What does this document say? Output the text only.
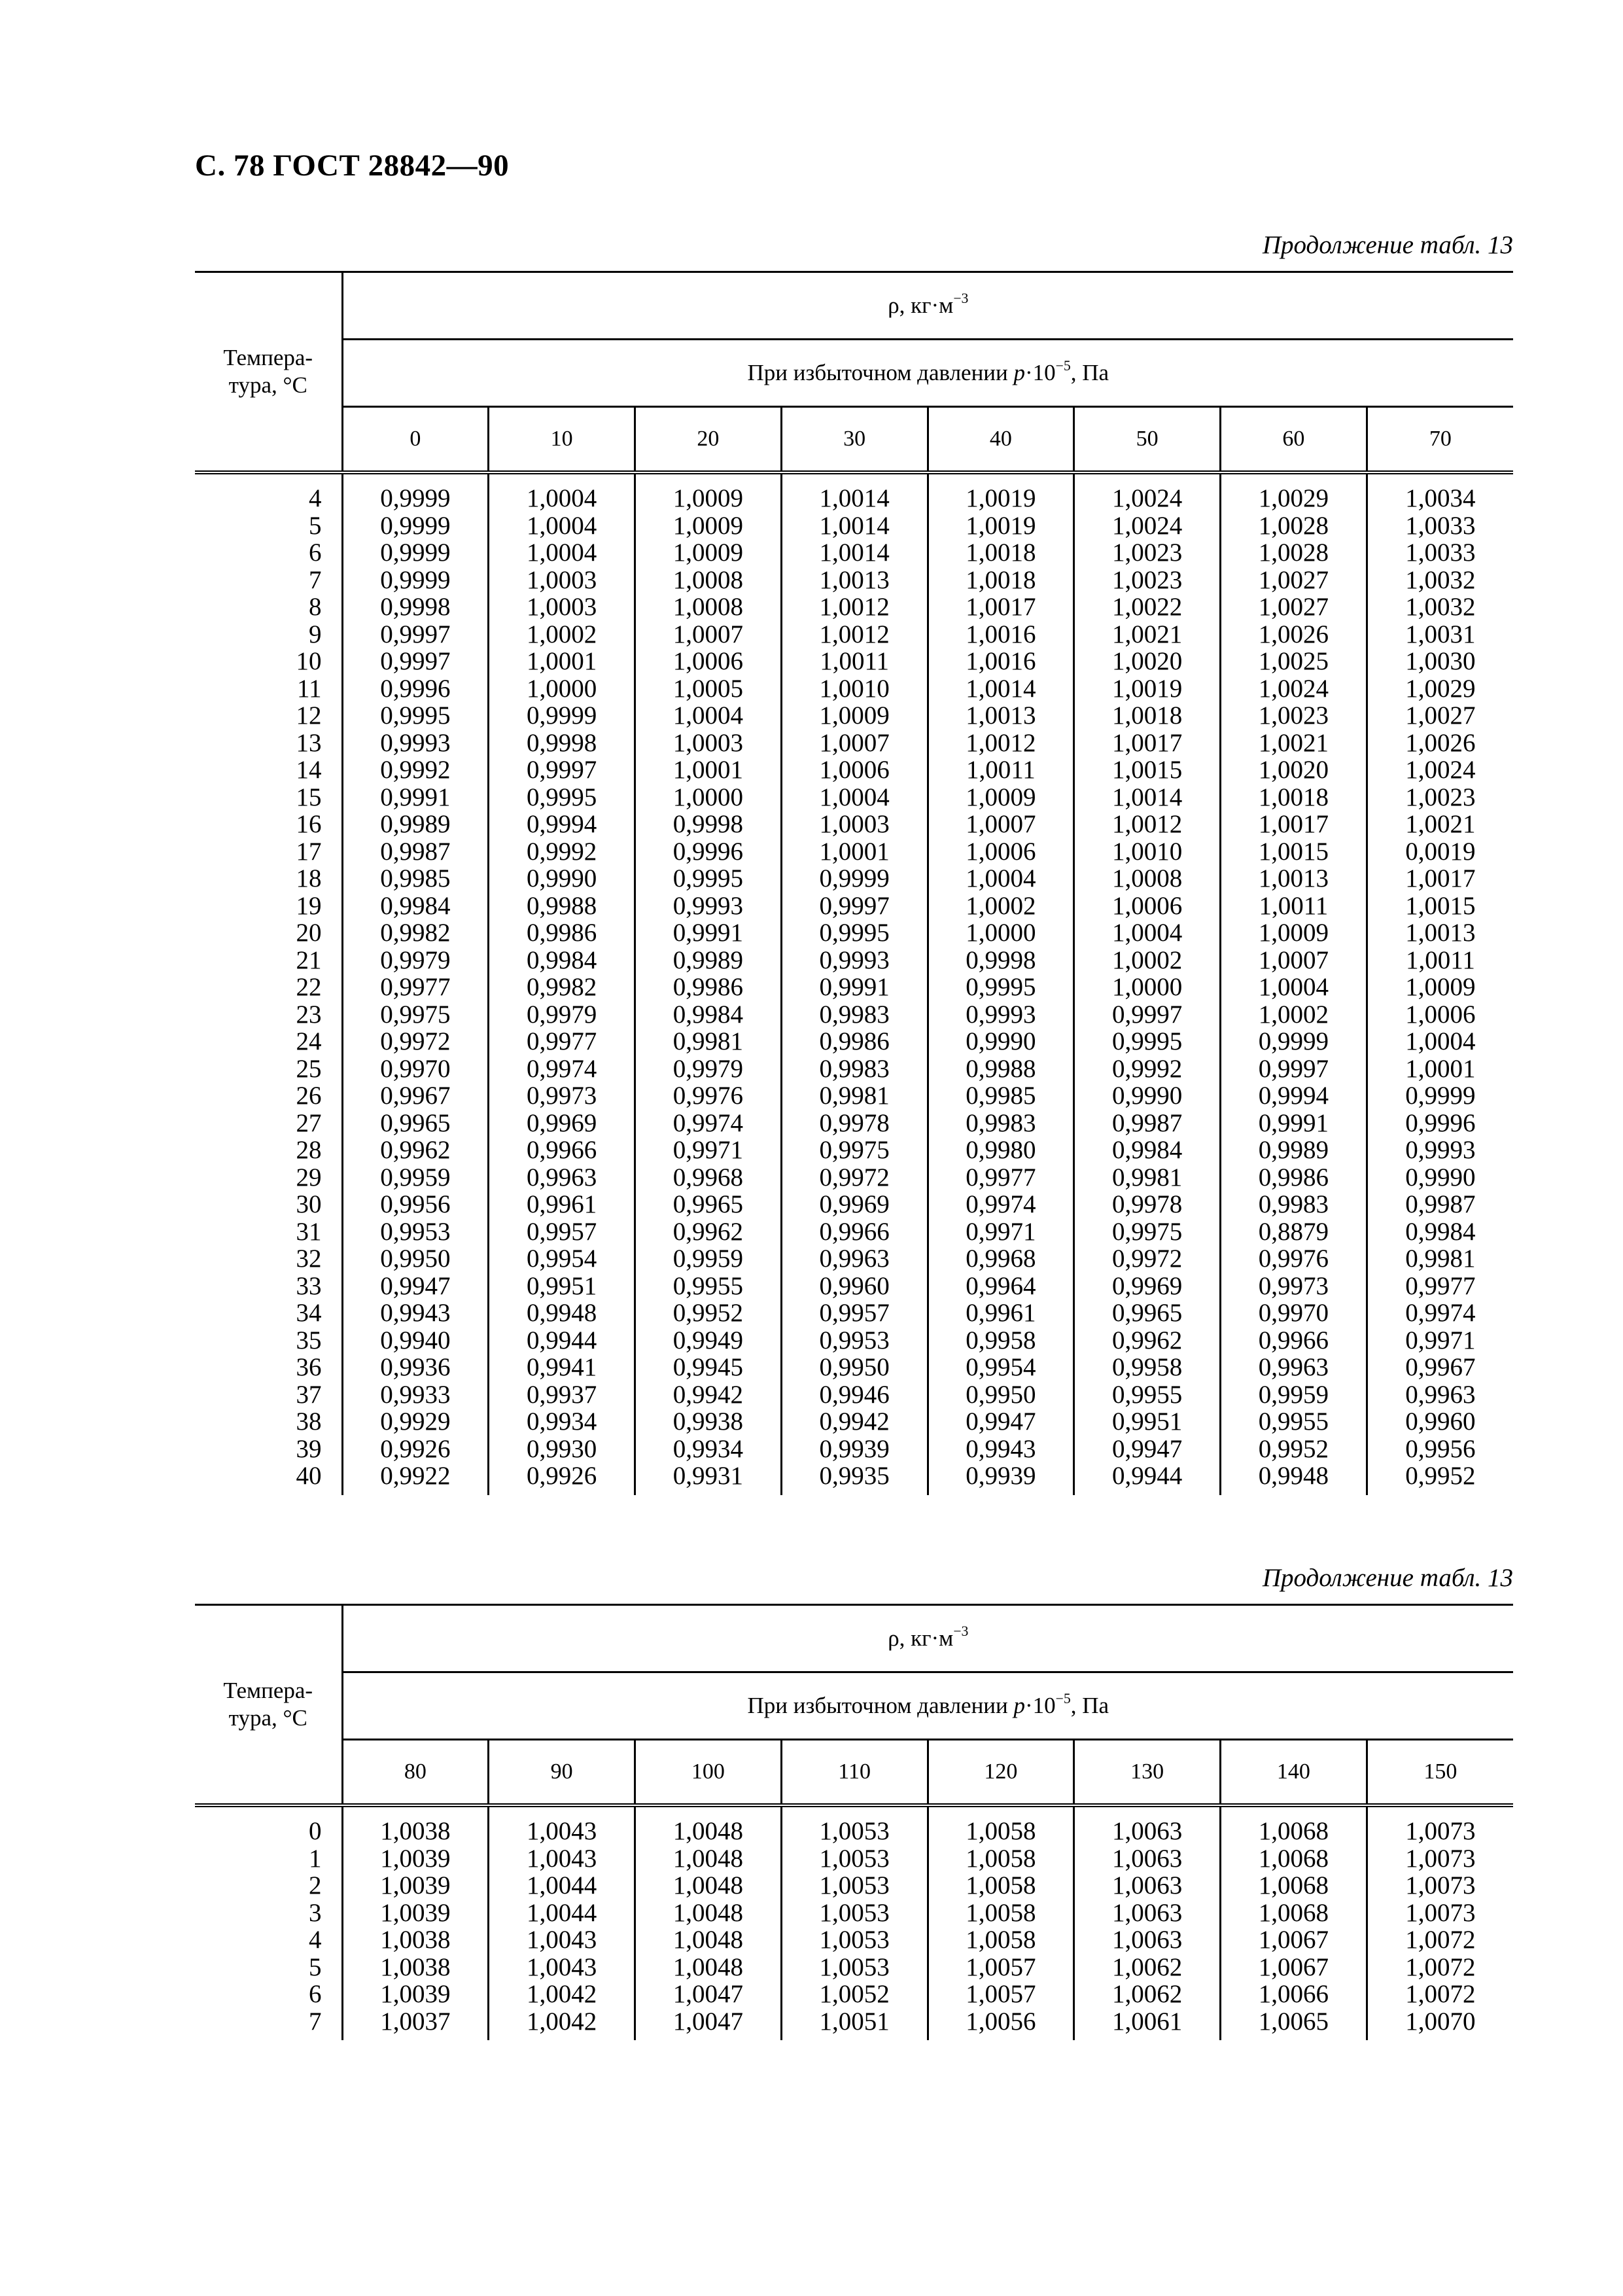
С. 78 ГОСТ 28842—90
Продолжение табл. 13
Темпера-
тура, °С	ρ, $кг\cdot м^{-3}$
	При избыточном давлении $p\cdot 10^{-5}$, Па							
	0	10	20	30	40	50	60	70
4	0,9999	1,0004	1,0009	1,0014	1,0019	1,0024	1,0029	1,0034
5	0,9999	1,0004	1,0009	1,0014	1,0019	1,0024	1,0028	1,0033
6	0,9999	1,0004	1,0009	1,0014	1,0018	1,0023	1,0028	1,0033
7	0,9999	1,0003	1,0008	1,0013	1,0018	1,0023	1,0027	1,0032
8	0,9998	1,0003	1,0008	1,0012	1,0017	1,0022	1,0027	1,0032
9	0,9997	1,0002	1,0007	1,0012	1,0016	1,0021	1,0026	1,0031
10	0,9997	1,0001	1,0006	1,0011	1,0016	1,0020	1,0025	1,0030
11	0,9996	1,0000	1,0005	1,0010	1,0014	1,0019	1,0024	1,0029
12	0,9995	0,9999	1,0004	1,0009	1,0013	1,0018	1,0023	1,0027
13	0,9993	0,9998	1,0003	1,0007	1,0012	1,0017	1,0021	1,0026
14	0,9992	0,9997	1,0001	1,0006	1,0011	1,0015	1,0020	1,0024
15	0,9991	0,9995	1,0000	1,0004	1,0009	1,0014	1,0018	1,0023
16	0,9989	0,9994	0,9998	1,0003	1,0007	1,0012	1,0017	1,0021
17	0,9987	0,9992	0,9996	1,0001	1,0006	1,0010	1,0015	0,0019
18	0,9985	0,9990	0,9995	0,9999	1,0004	1,0008	1,0013	1,0017
19	0,9984	0,9988	0,9993	0,9997	1,0002	1,0006	1,0011	1,0015
20	0,9982	0,9986	0,9991	0,9995	1,0000	1,0004	1,0009	1,0013
21	0,9979	0,9984	0,9989	0,9993	0,9998	1,0002	1,0007	1,0011
22	0,9977	0,9982	0,9986	0,9991	0,9995	1,0000	1,0004	1,0009
23	0,9975	0,9979	0,9984	0,9983	0,9993	0,9997	1,0002	1,0006
24	0,9972	0,9977	0,9981	0,9986	0,9990	0,9995	0,9999	1,0004
25	0,9970	0,9974	0,9979	0,9983	0,9988	0,9992	0,9997	1,0001
26	0,9967	0,9973	0,9976	0,9981	0,9985	0,9990	0,9994	0,9999
27	0,9965	0,9969	0,9974	0,9978	0,9983	0,9987	0,9991	0,9996
28	0,9962	0,9966	0,9971	0,9975	0,9980	0,9984	0,9989	0,9993
29	0,9959	0,9963	0,9968	0,9972	0,9977	0,9981	0,9986	0,9990
30	0,9956	0,9961	0,9965	0,9969	0,9974	0,9978	0,9983	0,9987
31	0,9953	0,9957	0,9962	0,9966	0,9971	0,9975	0,8879	0,9984
32	0,9950	0,9954	0,9959	0,9963	0,9968	0,9972	0,9976	0,9981
33	0,9947	0,9951	0,9955	0,9960	0,9964	0,9969	0,9973	0,9977
34	0,9943	0,9948	0,9952	0,9957	0,9961	0,9965	0,9970	0,9974
35	0,9940	0,9944	0,9949	0,9953	0,9958	0,9962	0,9966	0,9971
36	0,9936	0,9941	0,9945	0,9950	0,9954	0,9958	0,9963	0,9967
37	0,9933	0,9937	0,9942	0,9946	0,9950	0,9955	0,9959	0,9963
38	0,9929	0,9934	0,9938	0,9942	0,9947	0,9951	0,9955	0,9960
39	0,9926	0,9930	0,9934	0,9939	0,9943	0,9947	0,9952	0,9956
40	0,9922	0,9926	0,9931	0,9935	0,9939	0,9944	0,9948	0,9952
Продолжение табл. 13
Темпера-
тура, °С	ρ, $кг\cdot м^{-3}$
	При избыточном давлении $p\cdot 10^{-5}$, Па							
	80	90	100	110	120	130	140	150
0	1,0038	1,0043	1,0048	1,0053	1,0058	1,0063	1,0068	1,0073
1	1,0039	1,0043	1,0048	1,0053	1,0058	1,0063	1,0068	1,0073
2	1,0039	1,0044	1,0048	1,0053	1,0058	1,0063	1,0068	1,0073
3	1,0039	1,0044	1,0048	1,0053	1,0058	1,0063	1,0068	1,0073
4	1,0038	1,0043	1,0048	1,0053	1,0058	1,0063	1,0067	1,0072
5	1,0038	1,0043	1,0048	1,0053	1,0057	1,0062	1,0067	1,0072
6	1,0039	1,0042	1,0047	1,0052	1,0057	1,0062	1,0066	1,0072
7	1,0037	1,0042	1,0047	1,0051	1,0056	1,0061	1,0065	1,0070
